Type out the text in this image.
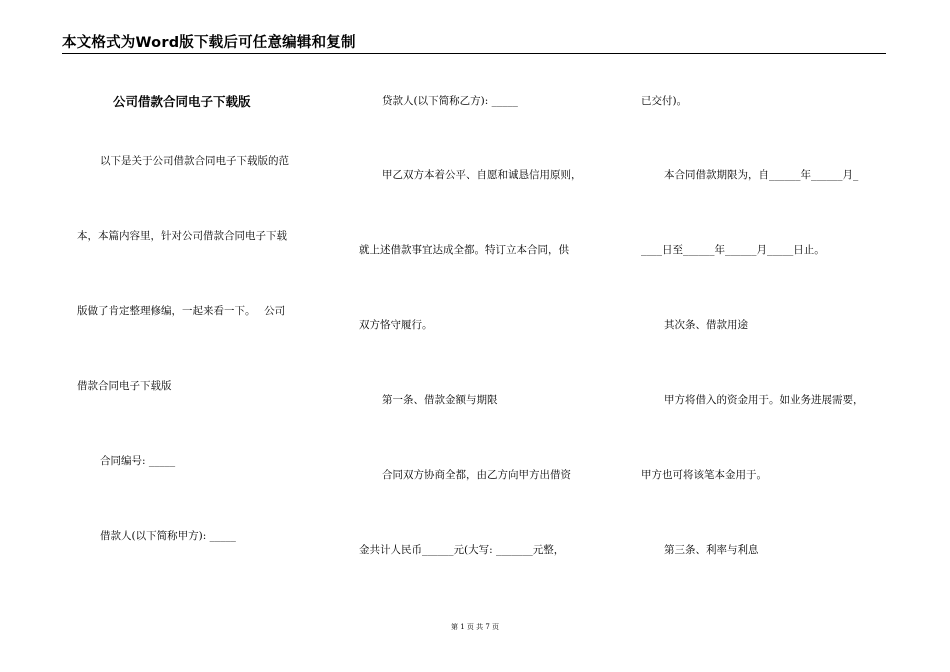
本文格式为Word版下载后可任意编辑和复制
公司借款合同电子下载版
以下是关于公司借款合同电子下载版的范
本，本篇内容里，针对公司借款合同电子下载
版做了肯定整理修编，一起来看一下。　 公司
借款合同电子下载版
合同编号: _____
借款人(以下简称甲方): _____
贷款人(以下简称乙方): _____
甲乙双方本着公平、自愿和诚恳信用原则，
就上述借款事宜达成全都。特订立本合同，供
双方恪守履行。
第一条、借款金额与期限
合同双方协商全都，由乙方向甲方出借资
金共计人民币______元(大写: _______元整，
已交付)。
本合同借款期限为，自______年______月_
____日至______年______月_____日止。
其次条、借款用途
甲方将借入的资金用于。如业务进展需要，
甲方也可将该笔本金用于。
第三条、利率与利息
第 1 页 共 7 页
